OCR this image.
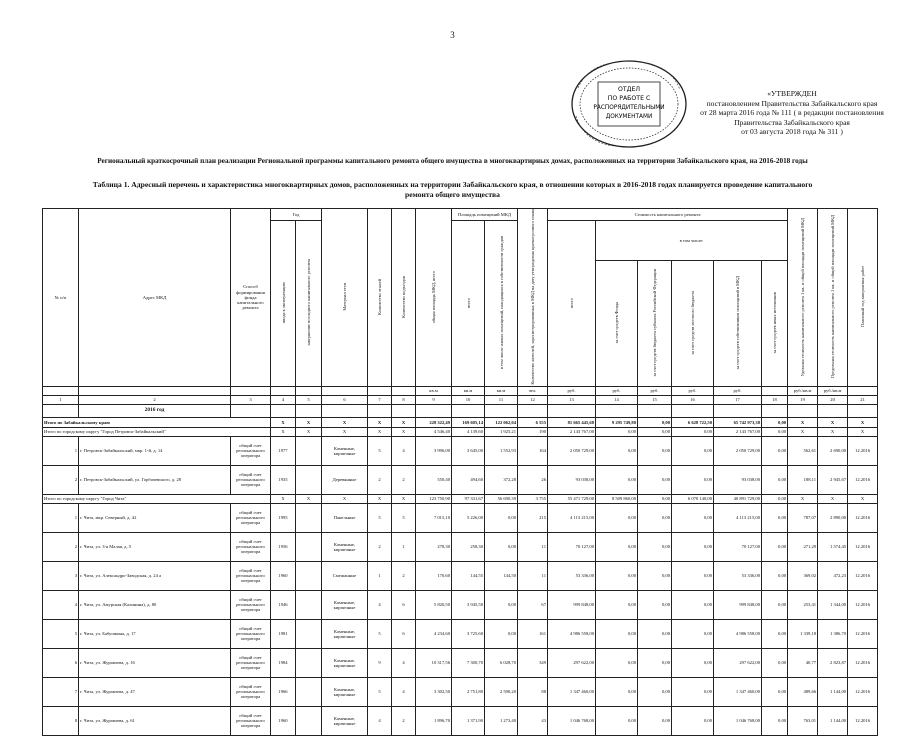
3
ОТДЕЛ
ПО РАБОТЕ С
РАСПОРЯДИТЕЛЬНЫМИ
ДОКУМЕНТАМИ
«УТВЕРЖДЕН
постановлением Правительства Забайкальского края
от 28 марта 2016 года № 111 ( в редакции постановления
Правительства Забайкальского края
от 03 августа 2018 года № 311 )
Региональный краткосрочный план реализации Региональной программы капитального ремонта общего имущества в многоквартирных домах, расположенных на территории Забайкальского края, на 2016-2018 годы
Таблица 1. Адресный перечень и характеристика многоквартирных домов, расположенных на территории Забайкальского края, в отношении которых в 2016-2018 годах планируется проведение капитального ремонта общего имущества
№ п/п	Адрес МКД	Способ формирования фонда капитального ремонта	Год		Материал стен	Количество этажей	Количество подъездов	общая площадь МКД, всего	Площадь помещений МКД		Количество жителей, зарегистрированных в МКД на дату утверждения краткосрочного плана	Стоимость капитального ремонта						Удельная стоимость капитального ремонта 1 кв. м общей площади помещений МКД	Предельная стоимость капитального ремонта 1 кв. м общей площади помещений МКД	Плановый год завершения работ
			ввода в эксплуатацию	завершение последнего капитального ремонта					всего	в том числе жилых помещений, находящихся в собственности граждан		всего	в том числе:							
													за счет средств Фонда	за счет средств бюджета субъекта Российской Федерации	за счет средств местного бюджета	за счет средств собственников помещений в МКД	за счет средств иных источников			
								кв.м	кв.м	кв.м	чел.	руб.	руб.	руб.	руб.	руб.		руб./кв.м	руб./кв.м	
1	2	3	4	5	6	7	8	9	10	11	12	13	14	15	16	17	18	19	20	21
	2016 год																			
Итого по Забайкальскому краю			X	X	X	X	X	228 322,49	169 605,14	122 062,04	6 555	81 665 445,68	9 295 749,80	0,00	6 628 722,50	65 742 973,38	0,00	X	X	X
Итого по городскому округу "Город Петровск-Забайкальский"			X	X	X	X	X	4 546,40	4 139,60	1 925,21	190	2 143 767,00	0,00	0,00	0,00	2 143 767,00	0,00	X	X	X
1	г. Петровск-Забайкальский, мкр. 1-й, д. 14	общий счет регионального оператора	1977		Каменные, кирпичные	5	4	3 996,00	3 645,00	1 552,93	164	2 050 729,00	0,00	0,00	0,00	2 050 729,00	0,00	562,61	2 690,00	12.2016
2	г. Петровск-Забайкальский, ул. Горбачевского, д. 28	общий счет регионального оператора	1935		Деревянные	2	2	550,40	494,60	372,28	26	93 038,00	0,00	0,00	0,00	93 038,00	0,00	188,11	2 945,67	12.2016
Итого по городскому округу "Город Чита"			X	X	X	X	X	123 750,90	97 331,67	56 690,39	3 755	55 471 729,00	8 509 860,00	0,00	6 070 140,00	40 891 729,00	0,00	X	X	X
1	г. Чита, мкр. Северный, д. 42	общий счет регионального оператора	1995		Панельные	5	5	7 015,10	5 226,00	0,00	215	4 113 215,00	0,00	0,00	0,00	4 113 215,00	0,00	787,07	2 890,00	12.2016
2	г. Чита, ул. 3-я Малая, д. 5	общий счет регионального оператора	1956		Каменные, кирпичные	2	1	278,30	258,30	0,00	11	70 127,00	0,00	0,00	0,00	70 127,00	0,00	271,29	1 574,45	12.2016
3	г. Чита, ул. Александро-Заводская, д. 24 а	общий счет регионального оператора	1960		Смешанные	1	2	170,60	144,55	144,50	11	53 336,00	0,00	0,00	0,00	53 336,00	0,00	369,02	472,23	12.2016
4	г. Чита, ул. Амурская (Калинина), д. 80	общий счет регионального оператора	1946		Каменные, кирпичные	4	6	5 820,50	3 945,50	0,00	67	999 848,00	0,00	0,00	0,00	999 848,00	0,00	253,41	1 344,00	12.2016
5	г. Чита, ул. Бабушкина, д. 17	общий счет регионального оператора	1981		Каменные, кирпичные	5	6	4 234,60	3 725,60	0,00	161	4 986 558,00	0,00	0,00	0,00	4 986 558,00	0,00	1 339,18	1 386,70	12.2016
6	г. Чита, ул. Журавлева, д. 16	общий счет регионального оператора	1984		Каменные, кирпичные	9	4	10 317,56	7 300,70	6 028,70	349	297 622,00	0,00	0,00	0,00	297 622,00	0,00	40,77	2 823,87	12.2016
7	г. Чита, ул. Журавлева, д. 47	общий счет регионального оператора	1966		Каменные, кирпичные	5	4	3 302,50	2 751,80	2 590,20	88	1 347 460,00	0,00	0,00	0,00	1 347 460,00	0,00	489,66	1 144,00	12.2016
8	г. Чита, ул. Журавлева, д. 61	общий счет регионального оператора	1960		Каменные, кирпичные	4	2	1 896,70	1 371,90	1 273,40	43	1 046 768,00	0,00	0,00	0,00	1 046 768,00	0,00	763,01	1 144,00	12.2016
